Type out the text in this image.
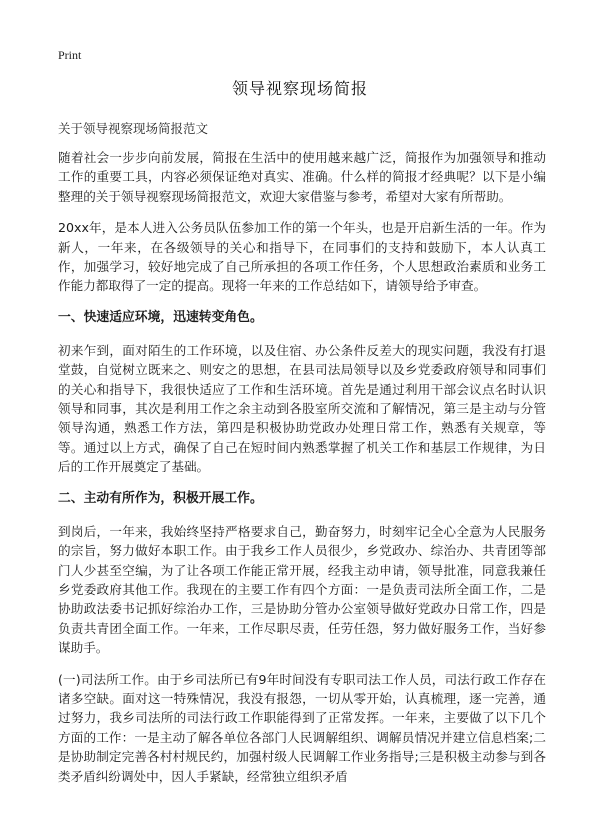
Print
领导视察现场简报
关于领导视察现场简报范文

随着社会一步步向前发展，简报在生活中的使用越来越广泛，简报作为加强领导和推动工作的重要工具，内容必须保证绝对真实、准确。什么样的简报才经典呢？以下是小编整理的关于领导视察现场简报范文，欢迎大家借鉴与参考，希望对大家有所帮助。

20xx年，是本人进入公务员队伍参加工作的第一个年头，也是开启新生活的一年。作为新人，一年来，在各级领导的关心和指导下，在同事们的支持和鼓励下，本人认真工作，加强学习，较好地完成了自己所承担的各项工作任务，个人思想政治素质和业务工作能力都取得了一定的提高。现将一年来的工作总结如下，请领导给予审查。

一、快速适应环境，迅速转变角色。

初来乍到，面对陌生的工作环境，以及住宿、办公条件反差大的现实问题，我没有打退堂鼓，自觉树立既来之、则安之的思想，在县司法局领导以及乡党委政府领导和同事们的关心和指导下，我很快适应了工作和生活环境。首先是通过利用干部会议点名时认识领导和同事，其次是利用工作之余主动到各股室所交流和了解情况，第三是主动与分管领导沟通，熟悉工作方法，第四是积极协助党政办处理日常工作，熟悉有关规章，等等。通过以上方式，确保了自己在短时间内熟悉掌握了机关工作和基层工作规律，为日后的工作开展奠定了基础。

二、主动有所作为，积极开展工作。

到岗后，一年来，我始终坚持严格要求自己，勤奋努力，时刻牢记全心全意为人民服务的宗旨，努力做好本职工作。由于我乡工作人员很少，乡党政办、综治办、共青团等部门人少甚至空编，为了让各项工作能正常开展，经我主动申请，领导批准，同意我兼任乡党委政府其他工作。我现在的主要工作有四个方面：一是负责司法所全面工作，二是协助政法委书记抓好综治办工作，三是协助分管办公室领导做好党政办日常工作，四是负责共青团全面工作。一年来，工作尽职尽责，任劳任怨，努力做好服务工作，当好参谋助手。

(一)司法所工作。由于乡司法所已有9年时间没有专职司法工作人员，司法行政工作存在诸多空缺。面对这一特殊情况，我没有报怨，一切从零开始，认真梳理，逐一完善，通过努力，我乡司法所的司法行政工作职能得到了正常发挥。一年来，主要做了以下几个方面的工作：一是主动了解各单位各部门人民调解组织、调解员情况并建立信息档案;二是协助制定完善各村村规民约，加强村级人民调解工作业务指导;三是积极主动参与到各类矛盾纠纷调处中，因人手紧缺，经常独立组织矛盾
